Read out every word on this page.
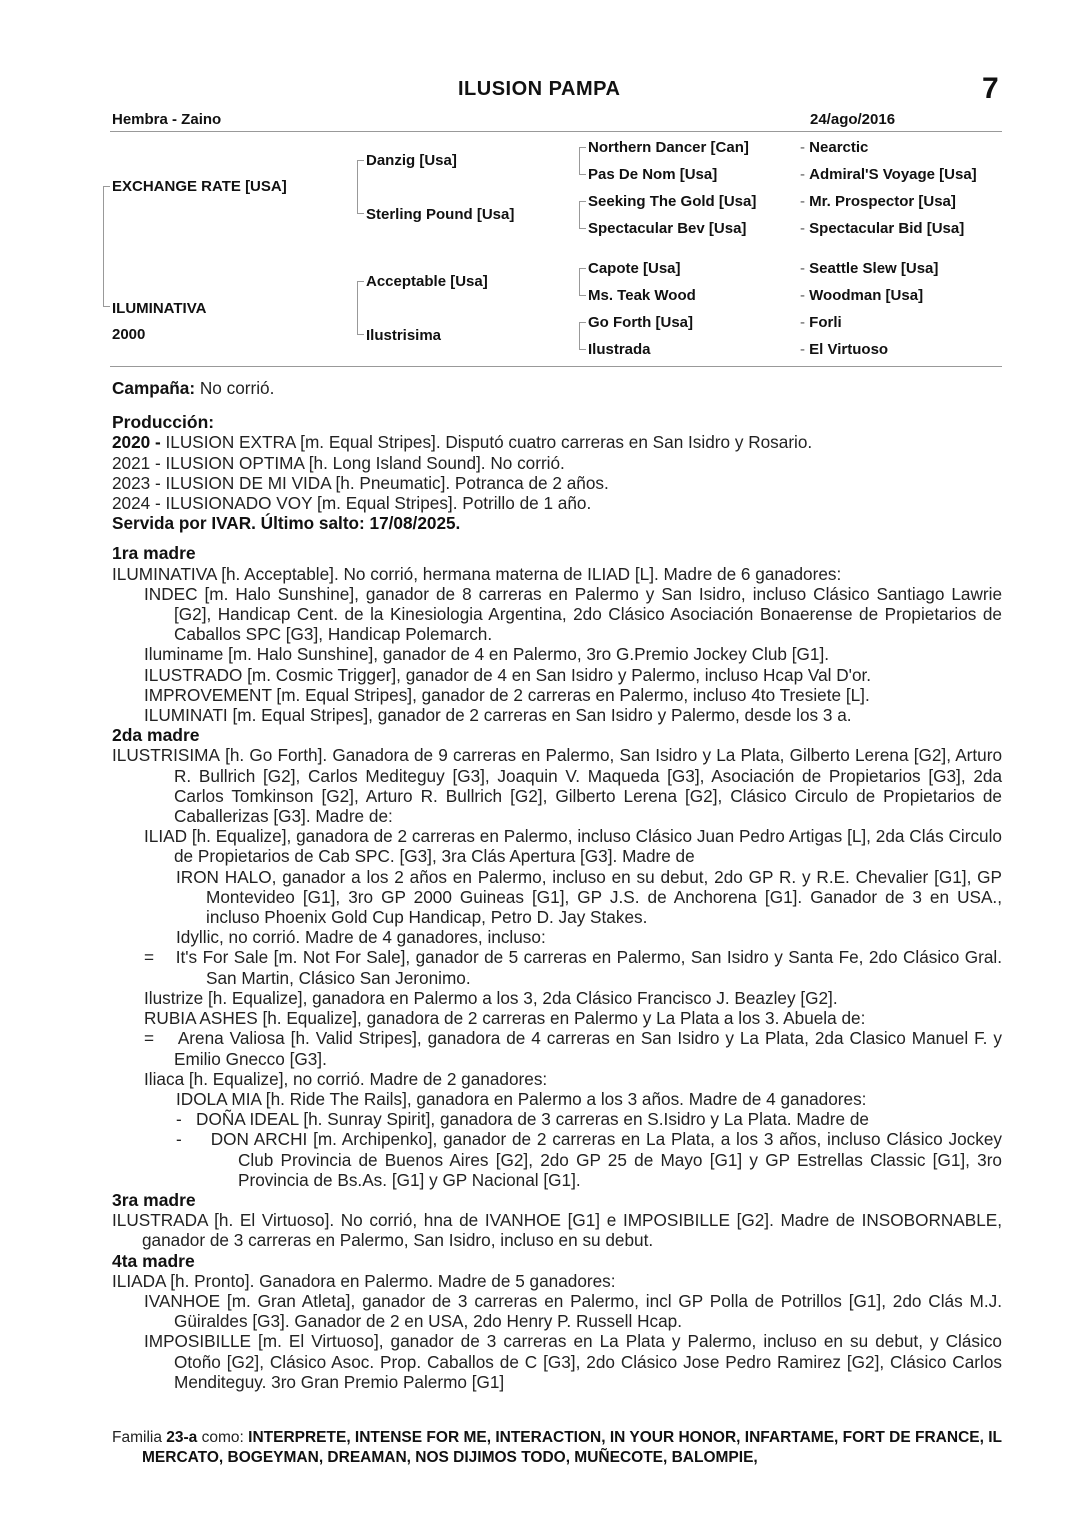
ILUSION PAMPA	7
Hembra - Zaino	24/ago/2016
EXCHANGE RATE [USA]
ILUMINATIVA
2000
Danzig [Usa]
Sterling Pound [Usa]
Acceptable [Usa]
Ilustrisima
Northern Dancer [Can]
Pas De Nom [Usa]
Seeking The Gold [Usa]
Spectacular Bev [Usa]
Capote [Usa]
Ms. Teak Wood
Go Forth [Usa]
Ilustrada
- Nearctic
- Admiral'S Voyage [Usa]
- Mr. Prospector [Usa]
- Spectacular Bid [Usa]
- Seattle Slew [Usa]
- Woodman [Usa]
- Forli
- El Virtuoso

Campaña: No corrió.

Producción:

2020 - ILUSION EXTRA [m. Equal Stripes]. Disputó cuatro carreras en San Isidro y Rosario.

2021 - ILUSION OPTIMA [h. Long Island Sound]. No corrió.

2023 - ILUSION DE MI VIDA [h. Pneumatic]. Potranca de 2 años.

2024 - ILUSIONADO VOY [m. Equal Stripes]. Potrillo de 1 año.

Servida por IVAR. Último salto: 17/08/2025.

1ra madre

ILUMINATIVA [h. Acceptable]. No corrió, hermana materna de ILIAD [L]. Madre de 6 ganadores:

INDEC [m. Halo Sunshine], ganador de 8 carreras en Palermo y San Isidro, incluso Clásico Santiago Lawrie [G2], Handicap Cent. de la Kinesiologia Argentina, 2do Clásico Asociación Bonaerense de Propietarios de Caballos SPC [G3], Handicap Polemarch.

Iluminame [m. Halo Sunshine], ganador de 4 en Palermo, 3ro G.Premio Jockey Club [G1].

ILUSTRADO [m. Cosmic Trigger], ganador de 4 en San Isidro y Palermo, incluso Hcap Val D'or.

IMPROVEMENT [m. Equal Stripes], ganador de 2 carreras en Palermo, incluso 4to Tresiete [L].

ILUMINATI [m. Equal Stripes], ganador de 2 carreras en San Isidro y Palermo, desde los 3 a.

2da madre

ILUSTRISIMA [h. Go Forth]. Ganadora de 9 carreras en Palermo, San Isidro y La Plata, Gilberto Lerena [G2], Arturo R. Bullrich [G2], Carlos Mediteguy [G3], Joaquin V. Maqueda [G3], Asociación de Propietarios [G3], 2da Carlos Tomkinson [G2], Arturo R. Bullrich [G2], Gilberto Lerena [G2], Clásico Circulo de Propietarios de Caballerizas [G3]. Madre de:

ILIAD [h. Equalize], ganadora de 2 carreras en Palermo, incluso Clásico Juan Pedro Artigas [L], 2da Clás Circulo de Propietarios de Cab SPC. [G3], 3ra Clás Apertura [G3]. Madre de

IRON HALO, ganador a los 2 años en Palermo, incluso en su debut, 2do GP R. y R.E. Chevalier [G1], GP Montevideo [G1], 3ro GP 2000 Guineas [G1], GP J.S. de Anchorena [G1]. Ganador de 3 en USA., incluso Phoenix Gold Cup Handicap, Petro D. Jay Stakes.

Idyllic, no corrió. Madre de 4 ganadores, incluso:

=    It's For Sale [m. Not For Sale], ganador de 5 carreras en Palermo, San Isidro y Santa Fe, 2do Clásico Gral. San Martin, Clásico San Jeronimo.

Ilustrize [h. Equalize], ganadora en Palermo a los 3, 2da Clásico Francisco J. Beazley [G2].

RUBIA ASHES [h. Equalize], ganadora de 2 carreras en Palermo y La Plata a los 3. Abuela de:

=    Arena Valiosa [h. Valid Stripes], ganadora de 4 carreras en San Isidro y La Plata, 2da Clasico Manuel F. y Emilio Gnecco [G3].

Iliaca [h. Equalize], no corrió. Madre de 2 ganadores:

IDOLA MIA [h. Ride The Rails], ganadora en Palermo a los 3 años. Madre de 4 ganadores:

-   DOÑA IDEAL [h. Sunray Spirit], ganadora de 3 carreras en S.Isidro y La Plata. Madre de

-     DON ARCHI [m. Archipenko], ganador de 2 carreras en La Plata, a los 3 años, incluso Clásico Jockey Club Provincia de Buenos Aires [G2], 2do GP 25 de Mayo [G1] y GP Estrellas Classic [G1], 3ro Provincia de Bs.As. [G1] y GP Nacional [G1].

3ra madre

ILUSTRADA [h. El Virtuoso]. No corrió, hna de IVANHOE [G1] e IMPOSIBILLE [G2]. Madre de INSOBORNABLE, ganador de 3 carreras en Palermo, San Isidro, incluso en su debut.

4ta madre

ILIADA [h. Pronto]. Ganadora en Palermo. Madre de 5 ganadores:

IVANHOE [m. Gran Atleta], ganador de 3 carreras en Palermo, incl GP Polla de Potrillos [G1], 2do Clás M.J. Güiraldes [G3]. Ganador de 2 en USA, 2do Henry P. Russell Hcap.

IMPOSIBILLE [m. El Virtuoso], ganador de 3 carreras en La Plata y Palermo, incluso en su debut, y Clásico Otoño [G2], Clásico Asoc. Prop. Caballos de C [G3], 2do Clásico Jose Pedro Ramirez [G2], Clásico Carlos Menditeguy. 3ro Gran Premio Palermo [G1]

Familia 23-a como: INTERPRETE, INTENSE FOR ME, INTERACTION, IN YOUR HONOR, INFARTAME, FORT DE FRANCE, IL MERCATO, BOGEYMAN, DREAMAN, NOS DIJIMOS TODO, MUÑECOTE, BALOMPIE,
